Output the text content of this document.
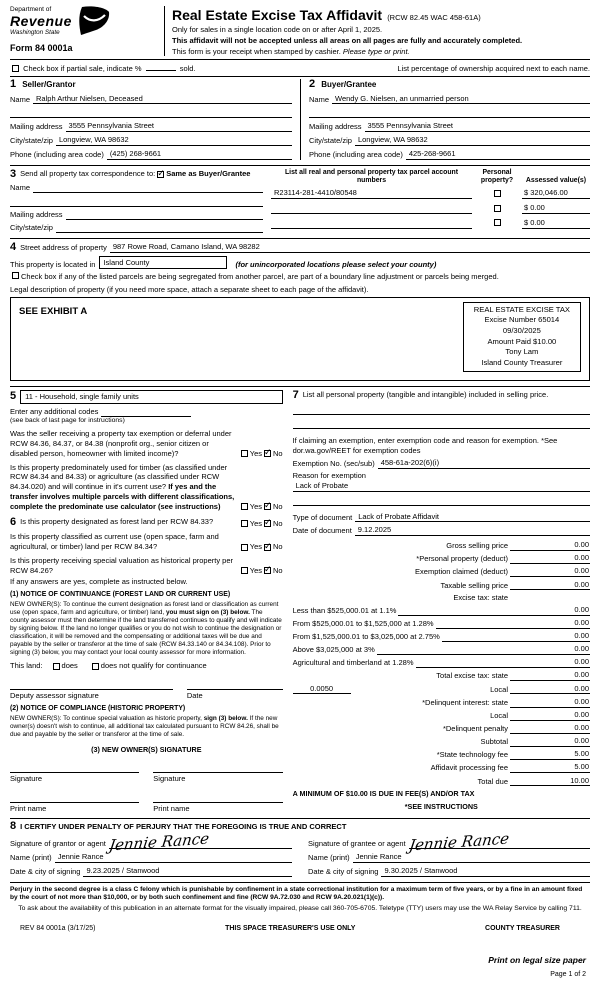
Department of
Revenue
Washington State
Form 84 0001a
Real Estate Excise Tax Affidavit (RCW 82.45 WAC 458-61A)
Only for sales in a single location code on or after April 1, 2025.
This affidavit will not be accepted unless all areas on all pages are fully and accurately completed.
This form is your receipt when stamped by cashier. Please type or print.
Check box if partial sale, indicate %	sold.	List percentage of ownership acquired next to each name.
1 Seller/Grantor
Name Ralph Arthur Nielsen, Deceased
Mailing address 3555 Pennsylvania Street
City/state/zip Longview, WA 98632
Phone (including area code) (425) 268-9661
2 Buyer/Grantee
Name Wendy G. Nielsen, an unmarried person
Mailing address 3555 Pennsylvania Street
City/state/zip Longview, WA 98632
Phone (including area code) 425-268-9661
3 Send all property tax correspondence to: ✓ Same as Buyer/Grantee
Name
Mailing address
City/state/zip
List all real and personal property tax parcel account numbers
Personal property?	Assessed value(s)
R23114-281-4410/80548	$ 320,046.00
$ 0.00
$ 0.00
4 Street address of property 987 Rowe Road, Camano Island, WA 98282
This property is located in	Island County	(for unincorporated locations please select your county)
Check box if any of the listed parcels are being segregated from another parcel, are part of a boundary line adjustment or parcels being merged.
Legal description of property (if you need more space, attach a separate sheet to each page of the affidavit).
SEE EXHIBIT A	REAL ESTATE EXCISE TAX
Excise Number 65014
09/30/2025
Amount Paid $10.00
Tony Lam
Island County Treasurer
5	11 - Household, single family units
Enter any additional codes
(see back of last page for instructions)
Was the seller receiving a property tax exemption or deferral under RCW 84.36, 84.37, or 84.38 (nonprofit org., senior citizen or disabled person, homeowner with limited income)?	Yes ✓ No
Is this property predominately used for timber (as classified under RCW 84.34 and 84.33) or agriculture (as classified under RCW 84.34.020) and will continue in it's current use? If yes and the transfer involves multiple parcels with different classifications, complete the predominate use calculator (see instructions)	Yes ✓ No
6 Is this property designated as forest land per RCW 84.33?	Yes ✓ No
Is this property classified as current use (open space, farm and agricultural, or timber) land per RCW 84.34?	Yes ✓ No
Is this property receiving special valuation as historical property per RCW 84.26?	Yes ✓ No
If any answers are yes, complete as instructed below.
(1) NOTICE OF CONTINUANCE (FOREST LAND OR CURRENT USE)
NEW OWNER(S): To continue the current designation as forest land or classification as current use (open space, farm and agriculture, or timber) land, you must sign on (3) below. The county assessor must then determine if the land transferred continues to qualify and will indicate by signing below. If the land no longer qualifies or you do not wish to continue the designation or classification, it will be removed and the compensating or additional taxes will be due and payable by the seller or transferor at the time of sale (RCW 84.33.140 or 84.34.108). Prior to signing (3) below, you may contact your local county assessor for more information.
This land:	does	does not qualify for continuance
Deputy assessor signature	Date
(2) NOTICE OF COMPLIANCE (HISTORIC PROPERTY)
NEW OWNER(S): To continue special valuation as historic property, sign (3) below. If the new owner(s) doesn't wish to continue, all additional tax calculated pursuant to RCW 84.26, shall be due and payable by the seller or transferor at the time of sale.
(3) NEW OWNER(S) SIGNATURE
Signature	Signature
Print name	Print name
7 List all personal property (tangible and intangible) included in selling price.
If claiming an exemption, enter exemption code and reason for exemption. *See dor.wa.gov/REET for exemption codes
Exemption No. (sec/sub) 458-61a-202(6)(i)
Reason for exemption
Lack of Probate
Type of document Lack of Probate Affidavit
Date of document 9.12.2025
Gross selling price	0.00
*Personal property (deduct)	0.00
Exemption claimed (deduct)	0.00
Taxable selling price	0.00
Excise tax: state
Less than $525,000.01 at 1.1%	0.00
From $525,000.01 to $1,525,000 at 1.28%	0.00
From $1,525,000.01 to $3,025,000 at 2.75%	0.00
Above $3,025,000 at 3%	0.00
Agricultural and timberland at 1.28%	0.00
Total excise tax: state	0.00
0.0050	Local	0.00
*Delinquent interest: state	0.00
Local	0.00
*Delinquent penalty	0.00
Subtotal	0.00
*State technology fee	5.00
Affidavit processing fee	5.00
Total due	10.00
A MINIMUM OF $10.00 IS DUE IN FEE(S) AND/OR TAX
*SEE INSTRUCTIONS
8 I CERTIFY UNDER PENALTY OF PERJURY THAT THE FOREGOING IS TRUE AND CORRECT
Signature of grantor or agent Jennie Rance
Name (print) Jennie Rance
Date & city of signing 9.23.2025 / Stanwood
Signature of grantee or agent Jennie Rance
Name (print) Jennie Rance
Date & city of signing 9.30.2025 / Stanwood
Perjury in the second degree is a class C felony which is punishable by confinement in a state correctional institution for a maximum term of five years, or by a fine in an amount fixed by the court of not more than $10,000, or by both such confinement and fine (RCW 9A.72.030 and RCW 9A.20.021(1)(c)).
To ask about the availability of this publication in an alternate format for the visually impaired, please call 360-705-6705. Teletype (TTY) users may use the WA Relay Service by calling 711.
REV 84 0001a (3/17/25)	THIS SPACE TREASURER'S USE ONLY	COUNTY TREASURER
Print on legal size paper
Page 1 of 2
